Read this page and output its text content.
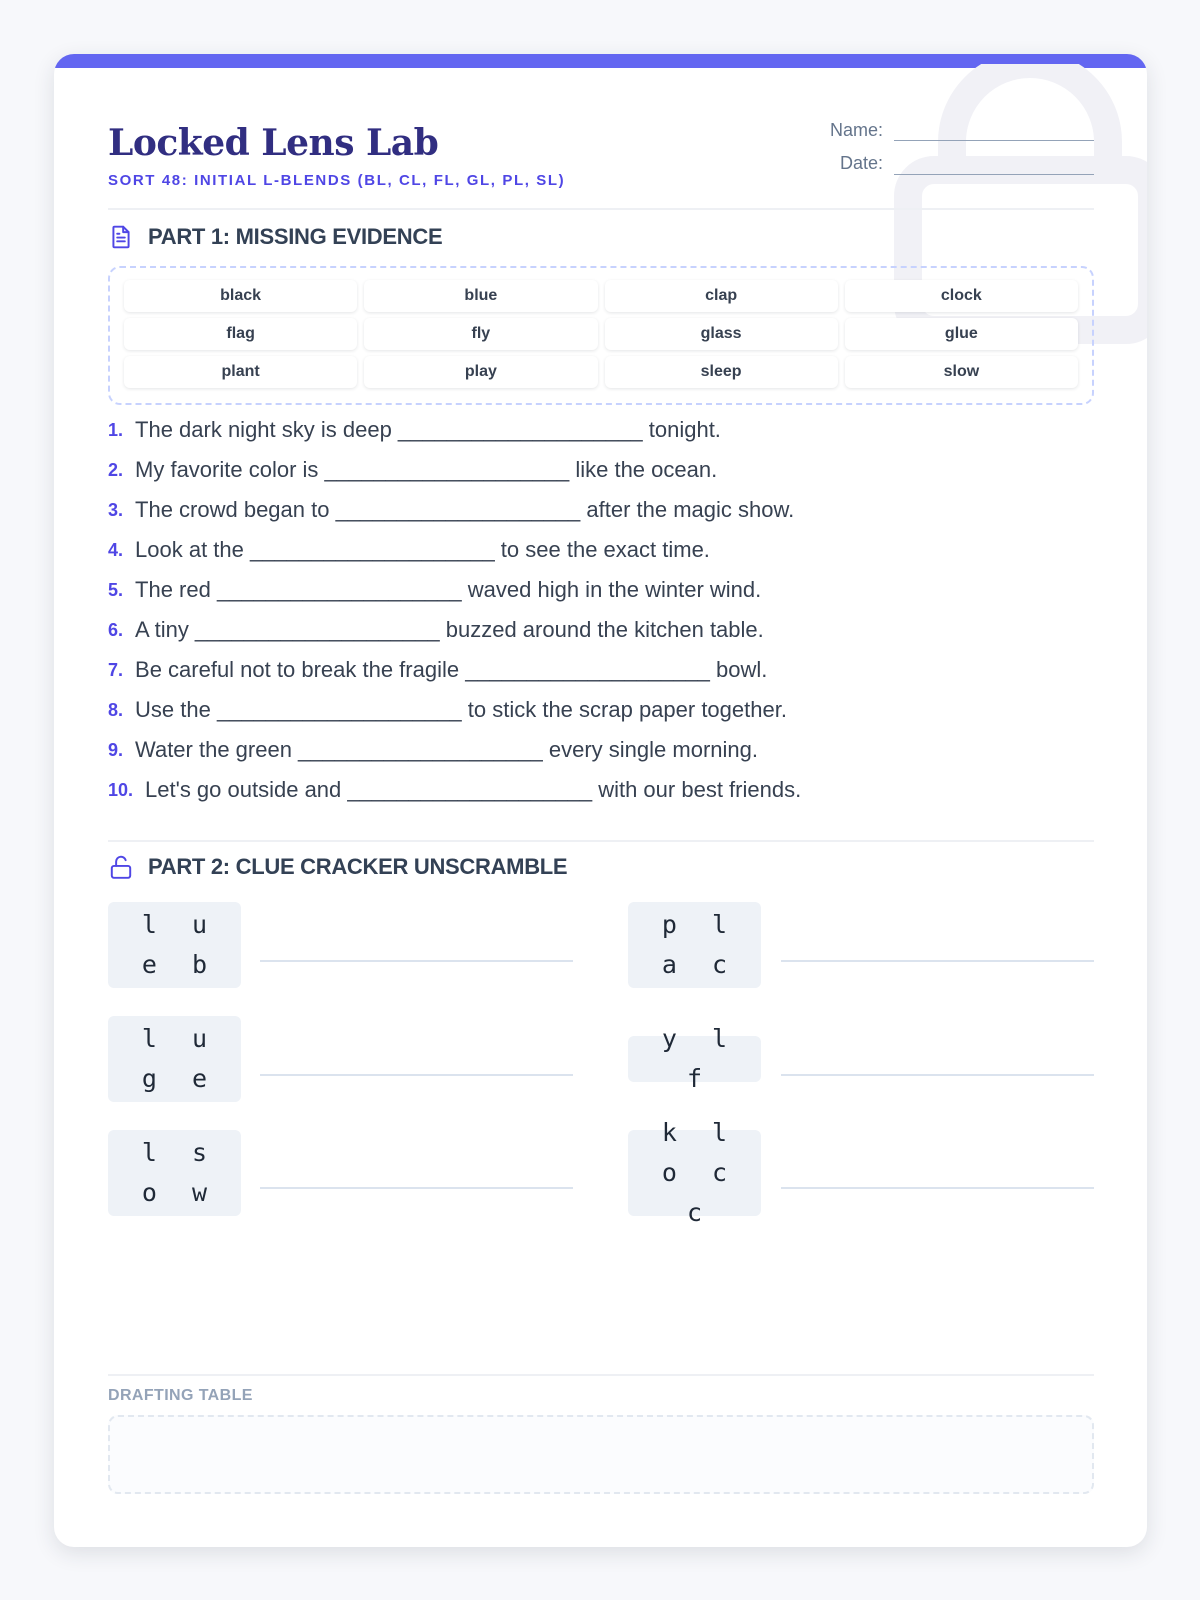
Locked Lens Lab
SORT 48: INITIAL L-BLENDS (BL, CL, FL, GL, PL, SL)
Name:
Date:
PART 1: MISSING EVIDENCE
black	blue	clap	clock
flag	fly	glass	glue
plant	play	sleep	slow
1. The dark night sky is deep ____________________ tonight.
2. My favorite color is ____________________ like the ocean.
3. The crowd began to ____________________ after the magic show.
4. Look at the ____________________ to see the exact time.
5. The red ____________________ waved high in the winter wind.
6. A tiny ____________________ buzzed around the kitchen table.
7. Be careful not to break the fragile ____________________ bowl.
8. Use the ____________________ to stick the scrap paper together.
9. Water the green ____________________ every single morning.
10. Let's go outside and ____________________ with our best friends.
PART 2: CLUE CRACKER UNSCRAMBLE
l u e b
l u g e
l s o w
p l a c
y l f
k l o c c
DRAFTING TABLE
